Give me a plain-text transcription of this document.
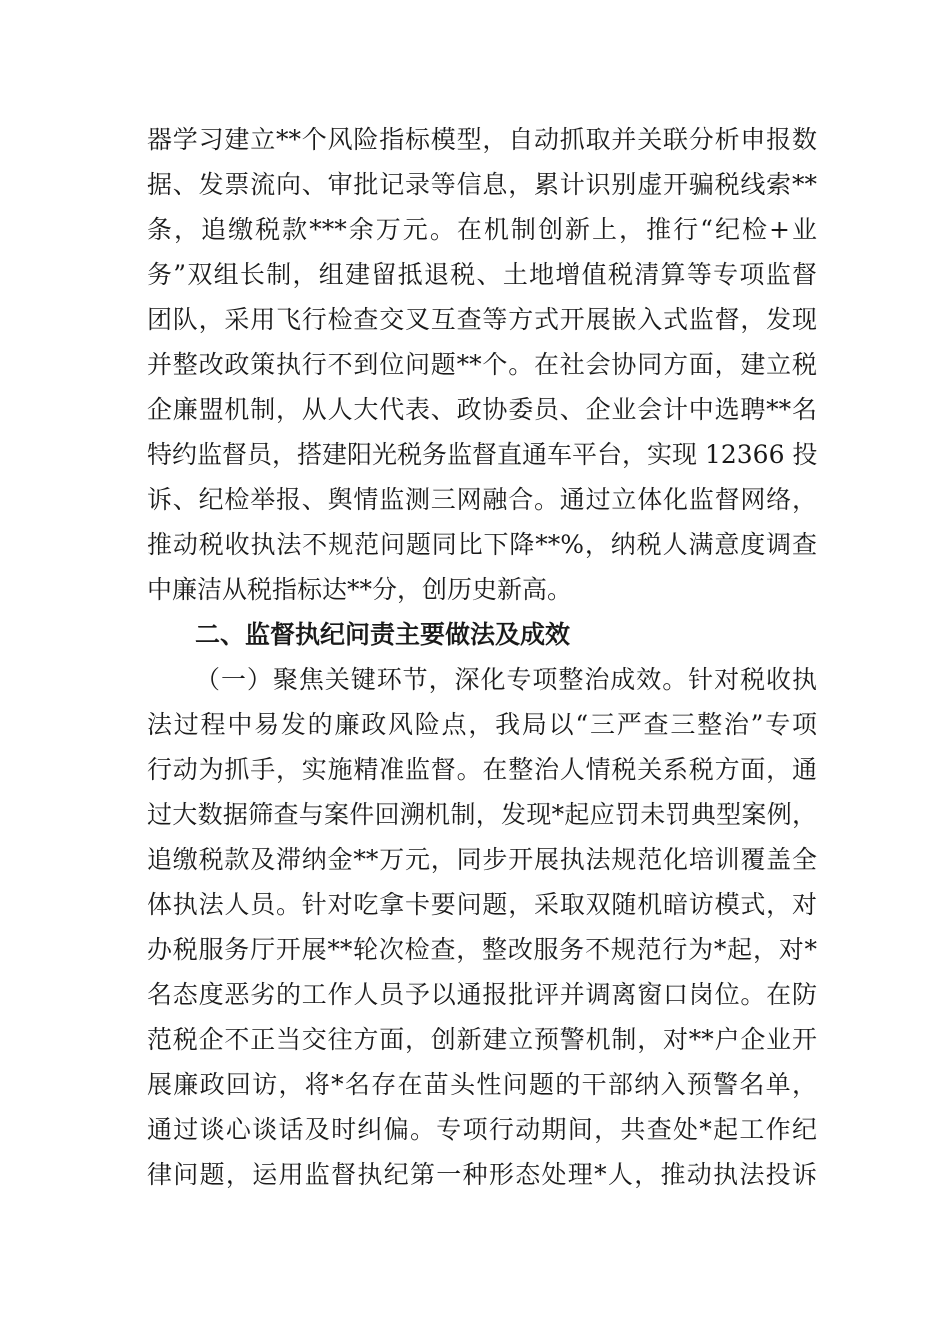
器学习建立**个风险指标模型，自动抓取并关联分析申报数
据、发票流向、审批记录等信息，累计识别虚开骗税线索**
条，追缴税款***余万元。在机制创新上，推行“纪检+业
务”双组长制，组建留抵退税、土地增值税清算等专项监督
团队，采用飞行检查交叉互查等方式开展嵌入式监督，发现
并整改政策执行不到位问题**个。在社会协同方面，建立税
企廉盟机制，从人大代表、政协委员、企业会计中选聘**名
特约监督员，搭建阳光税务监督直通车平台，实现 12366 投
诉、纪检举报、舆情监测三网融合。通过立体化监督网络，
推动税收执法不规范问题同比下降**%，纳税人满意度调查
中廉洁从税指标达**分，创历史新高。
二、监督执纪问责主要做法及成效
（一）聚焦关键环节，深化专项整治成效。针对税收执
法过程中易发的廉政风险点，我局以“三严查三整治”专项
行动为抓手，实施精准监督。在整治人情税关系税方面，通
过大数据筛查与案件回溯机制，发现*起应罚未罚典型案例，
追缴税款及滞纳金**万元，同步开展执法规范化培训覆盖全
体执法人员。针对吃拿卡要问题，采取双随机暗访模式，对
办税服务厅开展**轮次检查，整改服务不规范行为*起，对*
名态度恶劣的工作人员予以通报批评并调离窗口岗位。在防
范税企不正当交往方面，创新建立预警机制，对**户企业开
展廉政回访，将*名存在苗头性问题的干部纳入预警名单，
通过谈心谈话及时纠偏。专项行动期间，共查处*起工作纪
律问题，运用监督执纪第一种形态处理*人，推动执法投诉
